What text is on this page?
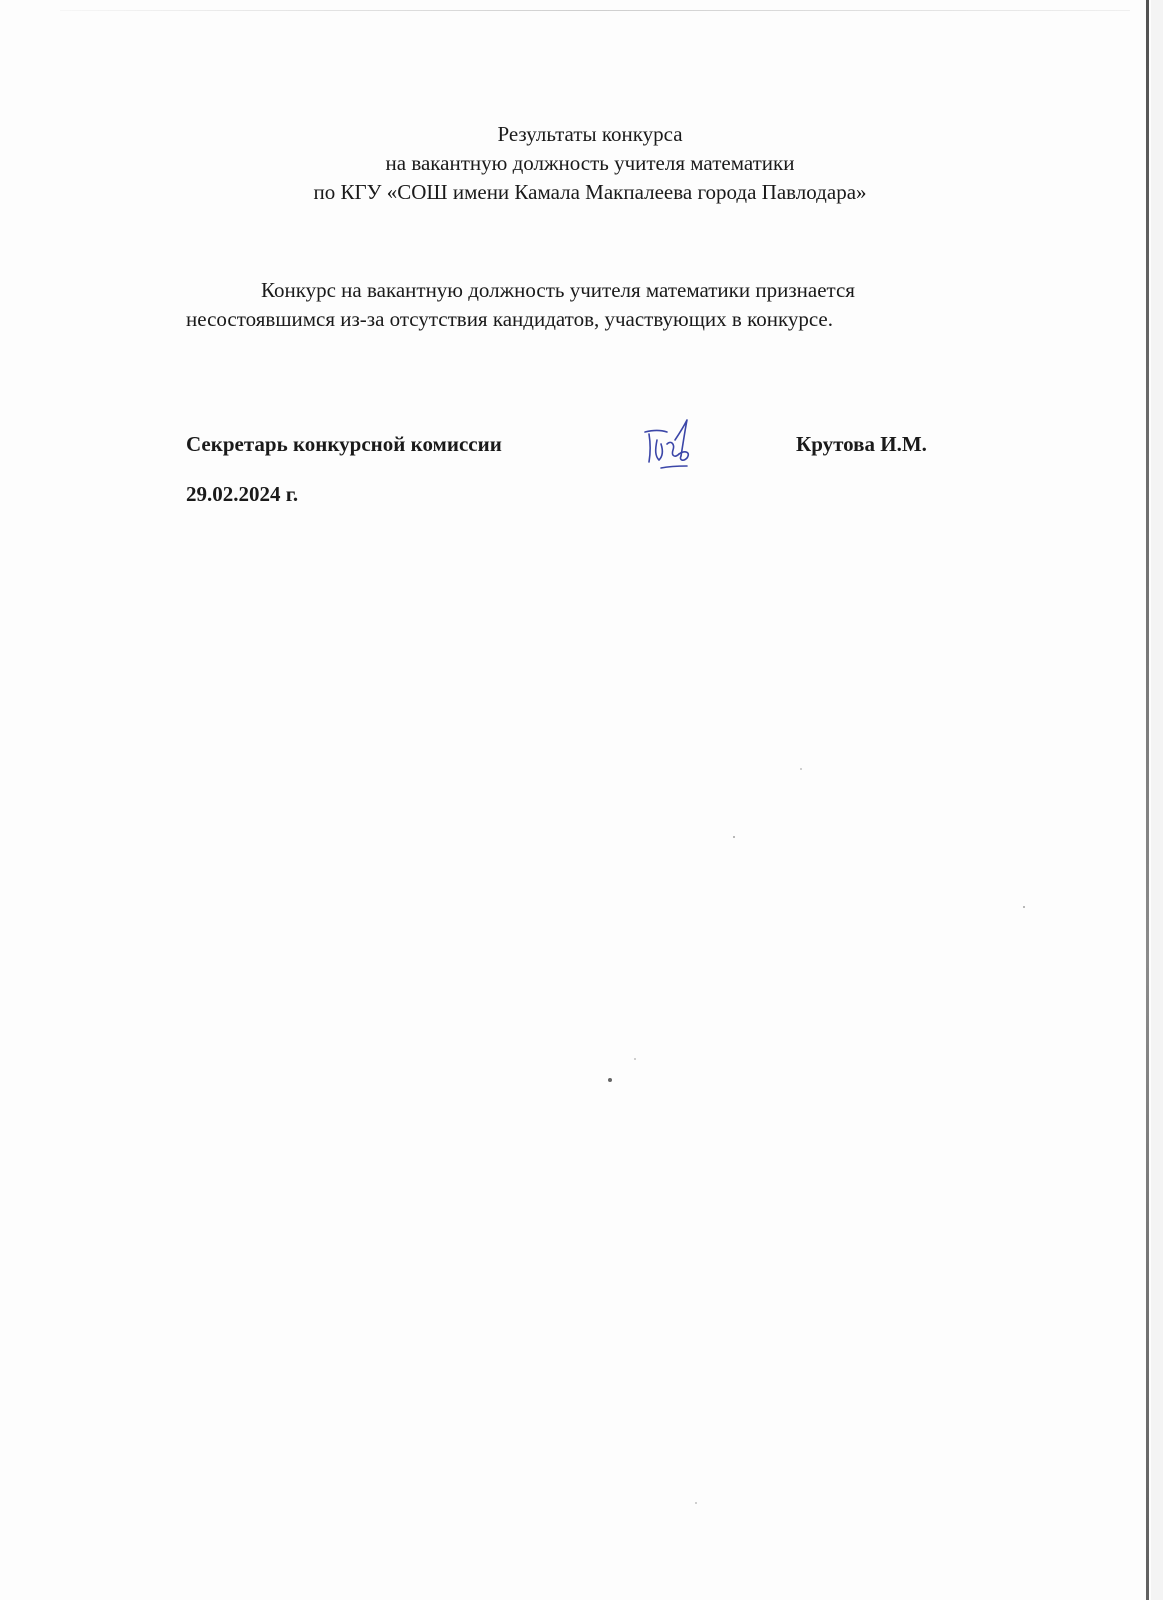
Результаты конкурса
на вакантную должность учителя математики
по КГУ «СОШ имени Камала Макпалеева города Павлодара»
Конкурс на вакантную должность учителя математики признается
несостоявшимся из-за отсутствия кандидатов, участвующих в конкурсе.
Секретарь конкурсной комиссии	Крутова И.М.
29.02.2024 г.
